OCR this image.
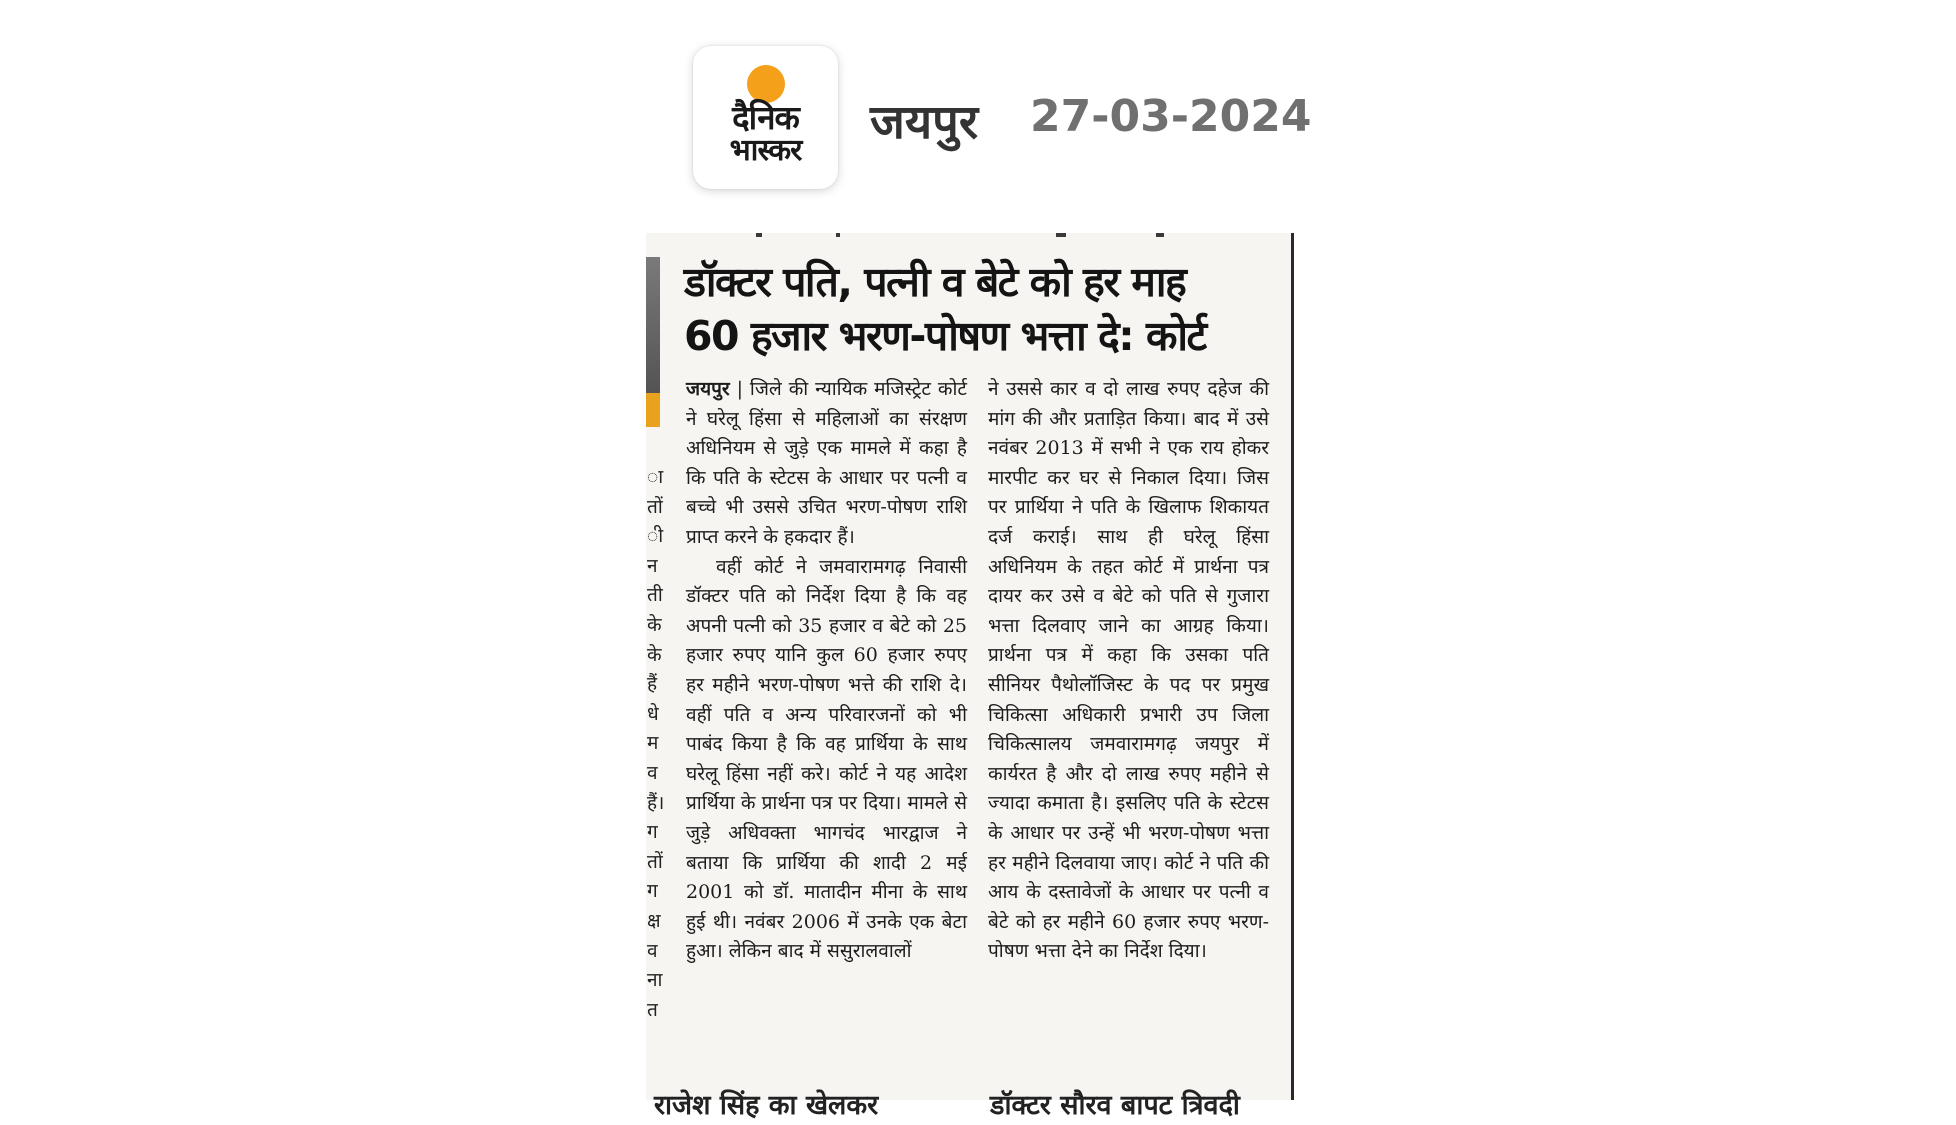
दैनिक
भास्कर
जयपुर 27-03-2024
ा
तों
ी
न
ती
के
के
हैं
धे
म
व
हैं।
ग
तों
ग
क्ष
व
ना
त
डॉक्टर पति, पत्नी व बेटे को हर माह
60 हजार भरण-पोषण भत्ता दे: कोर्ट

जयपुर | जिले की न्यायिक मजिस्ट्रेट कोर्ट ने घरेलू हिंसा से महिलाओं का संरक्षण अधिनियम से जुड़े एक मामले में कहा है कि पति के स्टेटस के आधार पर पत्नी व बच्चे भी उससे उचित भरण-पोषण राशि प्राप्त करने के हकदार हैं।

वहीं कोर्ट ने जमवारामगढ़ निवासी डॉक्टर पति को निर्देश दिया है कि वह अपनी पत्नी को 35 हजार व बेटे को 25 हजार रुपए यानि कुल 60 हजार रुपए हर महीने भरण-पोषण भत्ते की राशि दे। वहीं पति व अन्य परिवारजनों को भी पाबंद किया है कि वह प्रार्थिया के साथ घरेलू हिंसा नहीं करे। कोर्ट ने यह आदेश प्रार्थिया के प्रार्थना पत्र पर दिया। मामले से जुड़े अधिवक्ता भागचंद भारद्वाज ने बताया कि प्रार्थिया की शादी 2 मई 2001 को डॉ. मातादीन मीना के साथ हुई थी। नवंबर 2006 में उनके एक बेटा हुआ। लेकिन बाद में ससुरालवालों

ने उससे कार व दो लाख रुपए दहेज की मांग की और प्रताड़ित किया। बाद में उसे नवंबर 2013 में सभी ने एक राय होकर मारपीट कर घर से निकाल दिया। जिस पर प्रार्थिया ने पति के खिलाफ शिकायत दर्ज कराई। साथ ही घरेलू हिंसा अधिनियम के तहत कोर्ट में प्रार्थना पत्र दायर कर उसे व बेटे को पति से गुजारा भत्ता दिलवाए जाने का आग्रह किया। प्रार्थना पत्र में कहा कि उसका पति सीनियर पैथोलॉजिस्ट के पद पर प्रमुख चिकित्सा अधिकारी प्रभारी उप जिला चिकित्सालय जमवारामगढ़ जयपुर में कार्यरत है और दो लाख रुपए महीने से ज्यादा कमाता है। इसलिए पति के स्टेटस के आधार पर उन्हें भी भरण-पोषण भत्ता हर महीने दिलवाया जाए। कोर्ट ने पति की आय के दस्तावेजों के आधार पर पत्नी व बेटे को हर महीने 60 हजार रुपए भरण-पोषण भत्ता देने का निर्देश दिया।

राजेश सिंह का खेलकर	डॉक्टर सौरव बापट त्रिवदी
